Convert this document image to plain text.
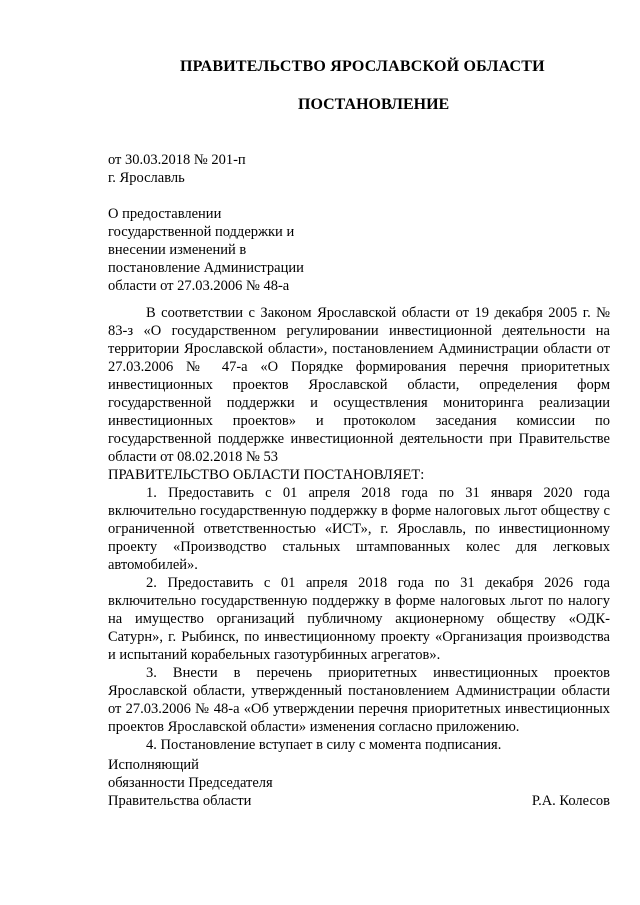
ПРАВИТЕЛЬСТВО ЯРОСЛАВСКОЙ ОБЛАСТИ
ПОСТАНОВЛЕНИЕ
от 30.03.2018 № 201-п
г. Ярославль
О предоставлении
государственной поддержки и
внесении изменений в
постановление Администрации
области от 27.03.2006 № 48-а

В соответствии с Законом Ярославской области от 19 декабря 2005 г. № 83-з «О государственном регулировании инвестиционной деятельности на территории Ярославской области», постановлением Администрации области от 27.03.2006 № 47-а «О Порядке формирования перечня приоритетных инвестиционных проектов Ярославской области, определения форм государственной поддержки и осуществления мониторинга реализации инвестиционных проектов» и протоколом заседания комиссии по государственной поддержке инвестиционной деятельности при Правительстве области от 08.02.2018 № 53

ПРАВИТЕЛЬСТВО ОБЛАСТИ ПОСТАНОВЛЯЕТ:

1. Предоставить с 01 апреля 2018 года по 31 января 2020 года включительно государственную поддержку в форме налоговых льгот обществу с ограниченной ответственностью «ИСТ», г. Ярославль, по инвестиционному проекту «Производство стальных штампованных колес для легковых автомобилей».

2. Предоставить с 01 апреля 2018 года по 31 декабря 2026 года включительно государственную поддержку в форме налоговых льгот по налогу на имущество организаций публичному акционерному обществу «ОДК-Сатурн», г. Рыбинск, по инвестиционному проекту «Организация производства и испытаний корабельных газотурбинных агрегатов».

3. Внести в перечень приоритетных инвестиционных проектов Ярославской области, утвержденный постановлением Администрации области от 27.03.2006 № 48-а «Об утверждении перечня приоритетных инвестиционных проектов Ярославской области» изменения согласно приложению.

4. Постановление вступает в силу с момента подписания.

Исполняющий
обязанности Председателя
Правительства области	Р.А. Колесов
